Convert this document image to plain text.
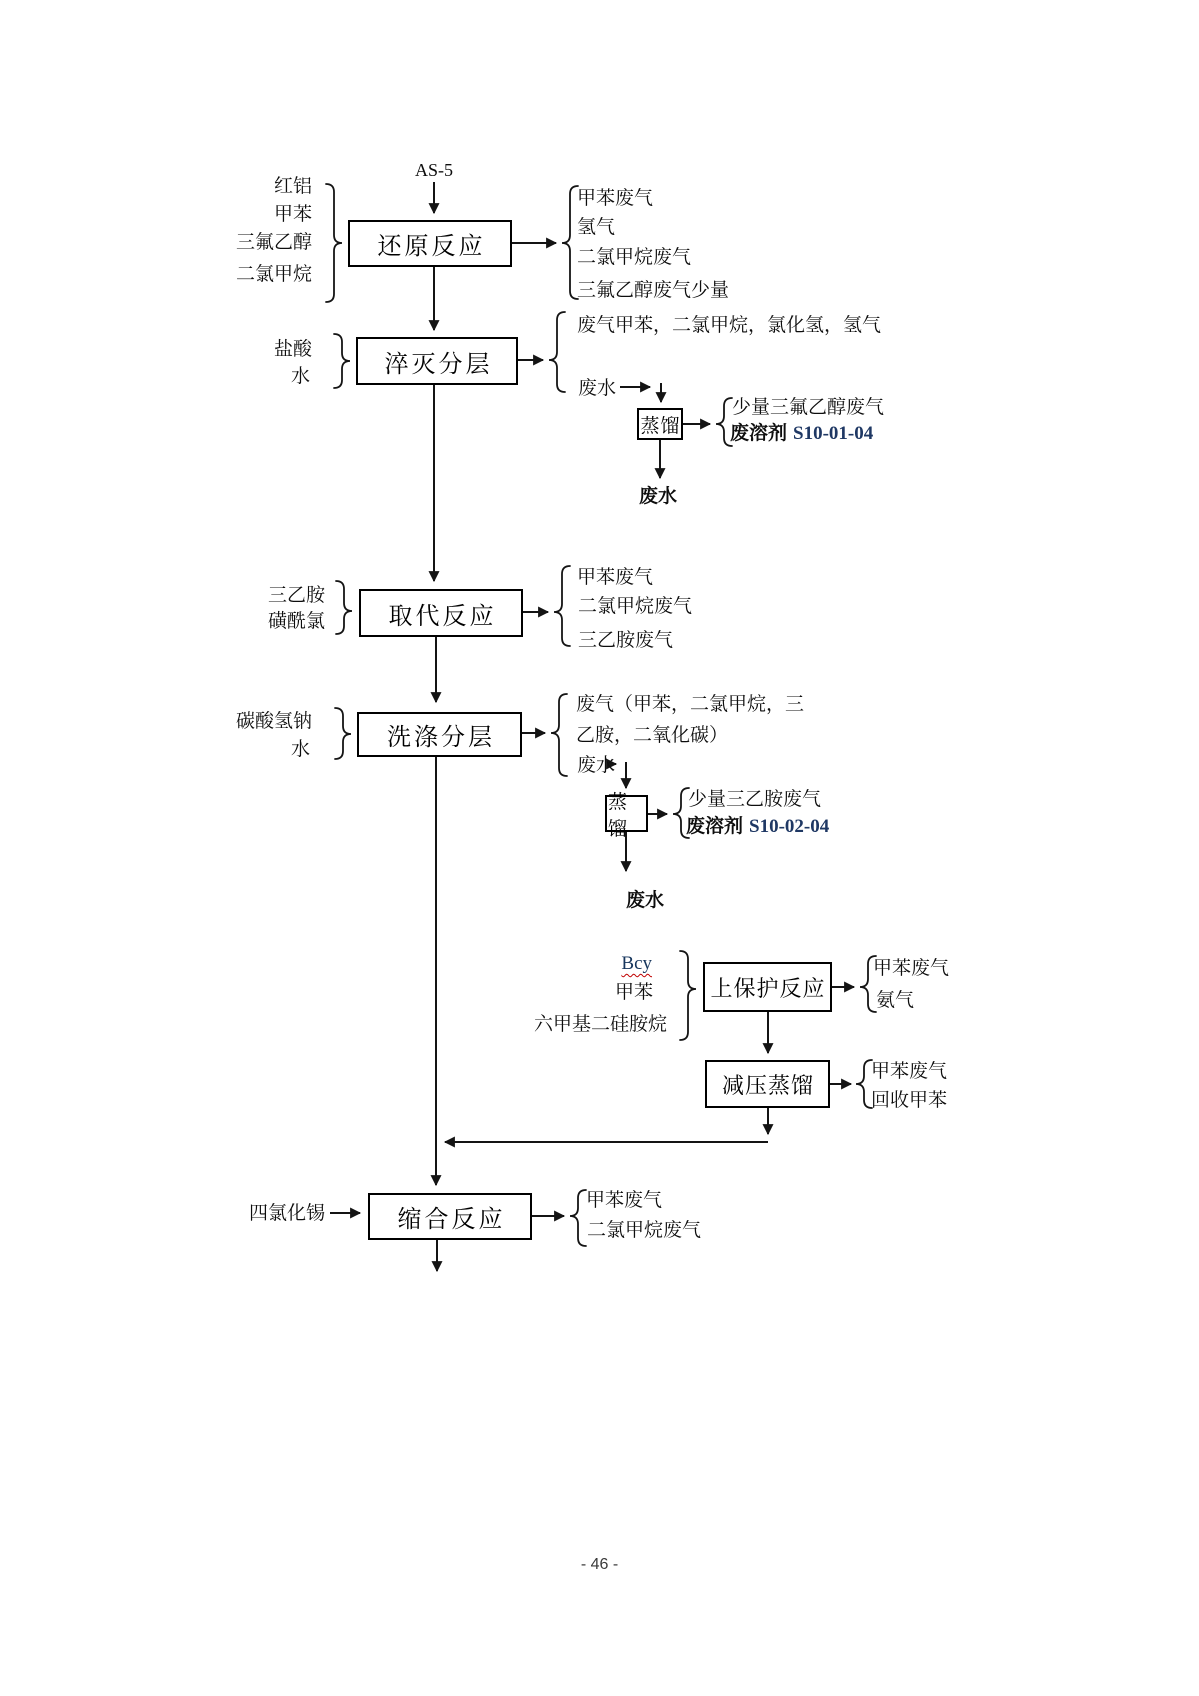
AS-5
还原反应
淬灭分层
蒸馏
取代反应
洗涤分层
蒸馏
上保护反应
减压蒸馏
缩合反应
红铝
甲苯
三氟乙醇
二氯甲烷
甲苯废气
氢气
二氯甲烷废气
三氟乙醇废气少量
盐酸
水
废气甲苯，二氯甲烷，氯化氢，氢气
废水
少量三氟乙醇废气
废溶剂 S10-01-04
废水
三乙胺
磺酰氯
甲苯废气
二氯甲烷废气
三乙胺废气
碳酸氢钠
水
废气（甲苯，二氯甲烷，三
乙胺，二氧化碳）
废水
少量三乙胺废气
废溶剂 S10-02-04
废水
Bcy
甲苯
六甲基二硅胺烷
甲苯废气
氨气
甲苯废气
回收甲苯
四氯化锡
甲苯废气
二氯甲烷废气
- 46 -
